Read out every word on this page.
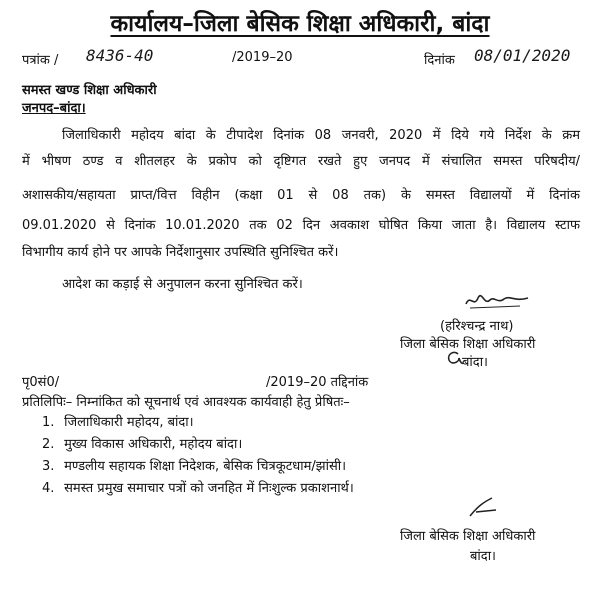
कार्यालय–जिला बेसिक शिक्षा अधिकारी, बांदा
पत्रांक / 8436-40	/2019–20	दिनांक 08/01/2020
समस्त खण्ड शिक्षा अधिकारी
जनपद–बांदा।
जिलाधिकारी महोदय बांदा के टीपादेश दिनांक 08 जनवरी, 2020 में दिये गये निर्देश के क्रम
में भीषण ठण्ड व शीतलहर के प्रकोप को दृष्टिगत रखते हुए जनपद में संचालित समस्त परिषदीय/
अशासकीय/सहायता प्राप्त/वित्त विहीन (कक्षा 01 से 08 तक) के समस्त विद्यालयों में दिनांक
09.01.2020 से दिनांक 10.01.2020 तक 02 दिन अवकाश घोषित किया जाता है। विद्यालय स्टाफ
विभागीय कार्य होने पर आपके निर्देशानुसार उपस्थिति सुनिश्चित करें।
आदेश का कड़ाई से अनुपालन करना सुनिश्चित करें।
(हरिश्चन्द्र नाथ)
जिला बेसिक शिक्षा अधिकारी
बांदा।
पृ0सं0/	/2019–20 तद्दिनांक
प्रतिलिपिः– निम्नांकित को सूचनार्थ एवं आवश्यक कार्यवाही हेतु प्रेषितः–
1. जिलाधिकारी महोदय, बांदा।
2. मुख्य विकास अधिकारी, महोदय बांदा।
3. मण्डलीय सहायक शिक्षा निदेशक, बेसिक चित्रकूटधाम/झांसी।
4. समस्त प्रमुख समाचार पत्रों को जनहित में निःशुल्क प्रकाशनार्थ।
जिला बेसिक शिक्षा अधिकारी
बांदा।
